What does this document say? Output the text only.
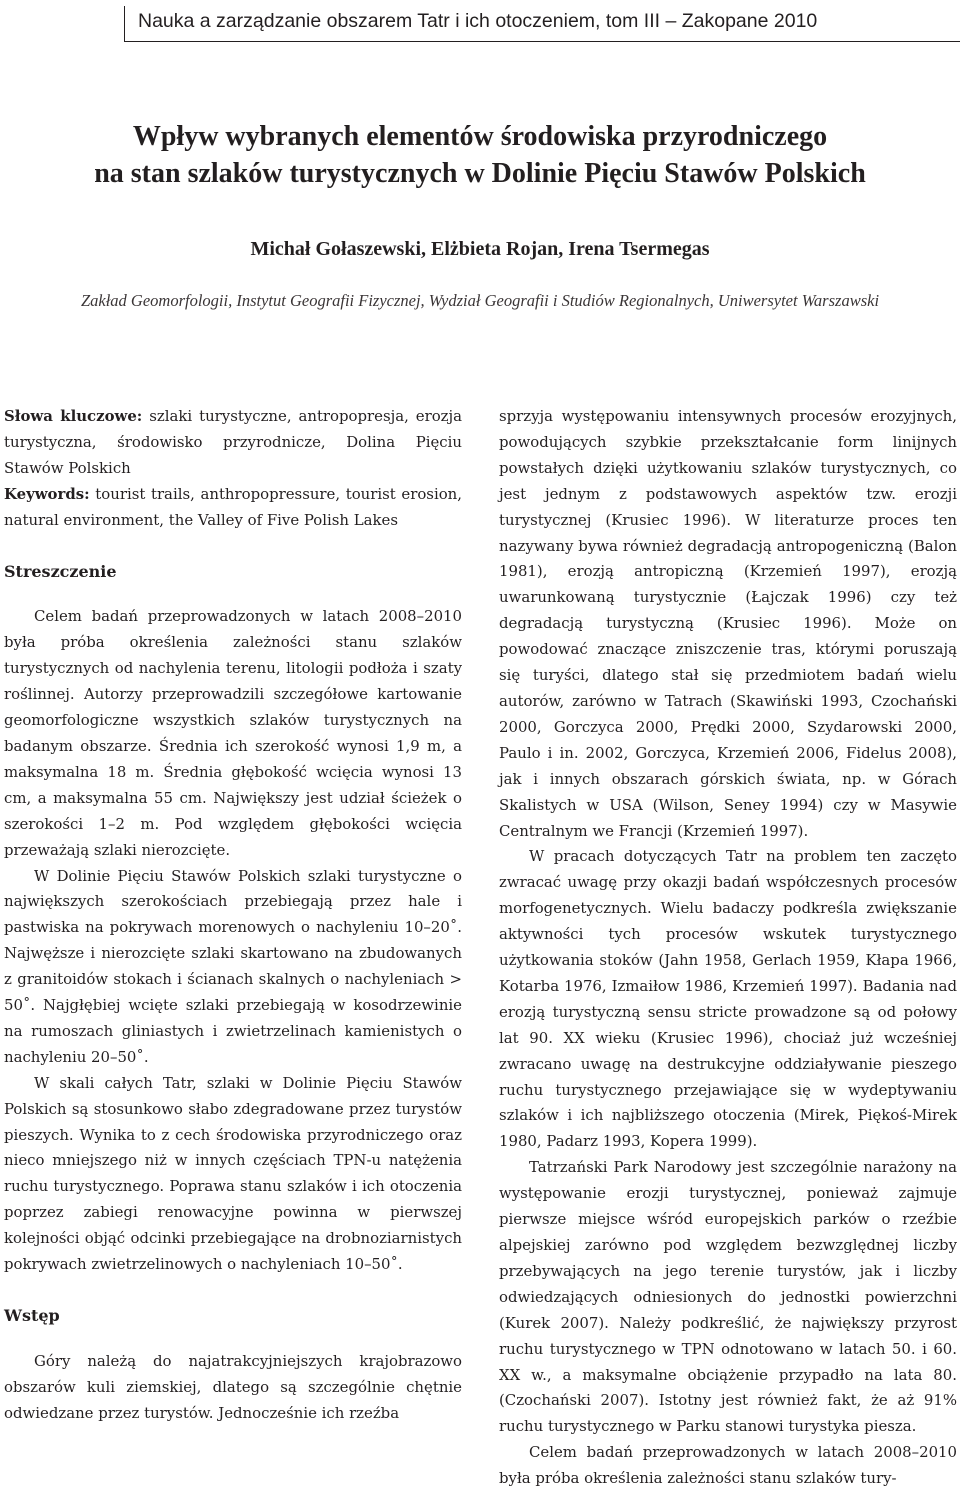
Nauka a zarządzanie obszarem Tatr i ich otoczeniem, tom III – Zakopane 2010
Wpływ wybranych elementów środowiska przyrodniczego
na stan szlaków turystycznych w Dolinie Pięciu Stawów Polskich
Michał Gołaszewski, Elżbieta Rojan, Irena Tsermegas
Zakład Geomorfologii, Instytut Geografii Fizycznej, Wydział Geografii i Studiów Regionalnych, Uniwersytet Warszawski

Słowa kluczowe: szlaki turystyczne, antropopresja, erozja turystyczna, środowisko przyrodnicze, Dolina Pięciu Stawów Polskich

Keywords: tourist trails, anthropopressure, tourist erosion, natural environment, the Valley of Five Polish Lakes

Streszczenie

Celem badań przeprowadzonych w latach 2008–2010 była próba określenia zależności stanu szlaków turystycznych od nachylenia terenu, litologii podłoża i szaty roślinnej. Autorzy przeprowadzili szczegółowe kartowanie geomorfologiczne wszystkich szlaków turystycznych na badanym obszarze. Średnia ich szerokość wynosi 1,9 m, a maksymalna 18 m. Średnia głębokość wcięcia wynosi 13 cm, a maksymalna 55 cm. Największy jest udział ścieżek o szerokości 1–2 m. Pod względem głębokości wcięcia przeważają szlaki nierozcięte.

W Dolinie Pięciu Stawów Polskich szlaki turystyczne o największych szerokościach przebiegają przez hale i pastwiska na pokrywach morenowych o nachyleniu 10–20˚. Najwęższe i nierozcięte szlaki skartowano na zbudowanych z granitoidów stokach i ścianach skalnych o nachyleniach > 50˚. Najgłębiej wcięte szlaki przebiegają w kosodrzewinie na rumoszach gliniastych i zwietrzelinach kamienistych o nachyleniu 20–50˚.

W skali całych Tatr, szlaki w Dolinie Pięciu Stawów Polskich są stosunkowo słabo zdegradowane przez turystów pieszych. Wynika to z cech środowiska przyrodniczego oraz nieco mniejszego niż w innych częściach TPN-u natężenia ruchu turystycznego. Poprawa stanu szlaków i ich otoczenia poprzez zabiegi renowacyjne powinna w pierwszej kolejności objąć odcinki przebiegające na drobnoziarnistych pokrywach zwietrzelinowych o nachyleniach 10–50˚.

Wstęp

Góry należą do najatrakcyjniejszych krajobrazowo obszarów kuli ziemskiej, dlatego są szczególnie chętnie odwiedzane przez turystów. Jednocześnie ich rzeźba

sprzyja występowaniu intensywnych procesów erozyjnych, powodujących szybkie przekształcanie form linijnych powstałych dzięki użytkowaniu szlaków turystycznych, co jest jednym z podstawowych aspektów tzw. erozji turystycznej (Krusiec 1996). W literaturze proces ten nazywany bywa również degradacją antropogeniczną (Balon 1981), erozją antropiczną (Krzemień 1997), erozją uwarunkowaną turystycznie (Łajczak 1996) czy też degradacją turystyczną (Krusiec 1996). Może on powodować znaczące zniszczenie tras, którymi poruszają się turyści, dlatego stał się przedmiotem badań wielu autorów, zarówno w Tatrach (Skawiński 1993, Czochański 2000, Gorczyca 2000, Prędki 2000, Szydarowski 2000, Paulo i in. 2002, Gorczyca, Krzemień 2006, Fidelus 2008), jak i innych obszarach górskich świata, np. w Górach Skalistych w USA (Wilson, Seney 1994) czy w Masywie Centralnym we Francji (Krzemień 1997).

W pracach dotyczących Tatr na problem ten zaczęto zwracać uwagę przy okazji badań współczesnych procesów morfogenetycznych. Wielu badaczy podkreśla zwiększanie aktywności tych procesów wskutek turystycznego użytkowania stoków (Jahn 1958, Gerlach 1959, Kłapa 1966, Kotarba 1976, Izmaiłow 1986, Krzemień 1997). Badania nad erozją turystyczną sensu stricte prowadzone są od połowy lat 90. XX wieku (Krusiec 1996), chociaż już wcześniej zwracano uwagę na destrukcyjne oddziaływanie pieszego ruchu turystycznego przejawiające się w wydeptywaniu szlaków i ich najbliższego otoczenia (Mirek, Piękoś-Mirek 1980, Padarz 1993, Kopera 1999).

Tatrzański Park Narodowy jest szczególnie narażony na występowanie erozji turystycznej, ponieważ zajmuje pierwsze miejsce wśród europejskich parków o rzeźbie alpejskiej zarówno pod względem bezwzględnej liczby przebywających na jego terenie turystów, jak i liczby odwiedzających odniesionych do jednostki powierzchni (Kurek 2007). Należy podkreślić, że największy przyrost ruchu turystycznego w TPN odnotowano w latach 50. i 60. XX w., a maksymalne obciążenie przypadło na lata 80. (Czochański 2007). Istotny jest również fakt, że aż 91% ruchu turystycznego w Parku stanowi turystyka piesza.

Celem badań przeprowadzonych w latach 2008–2010 była próba określenia zależności stanu szlaków tury-
